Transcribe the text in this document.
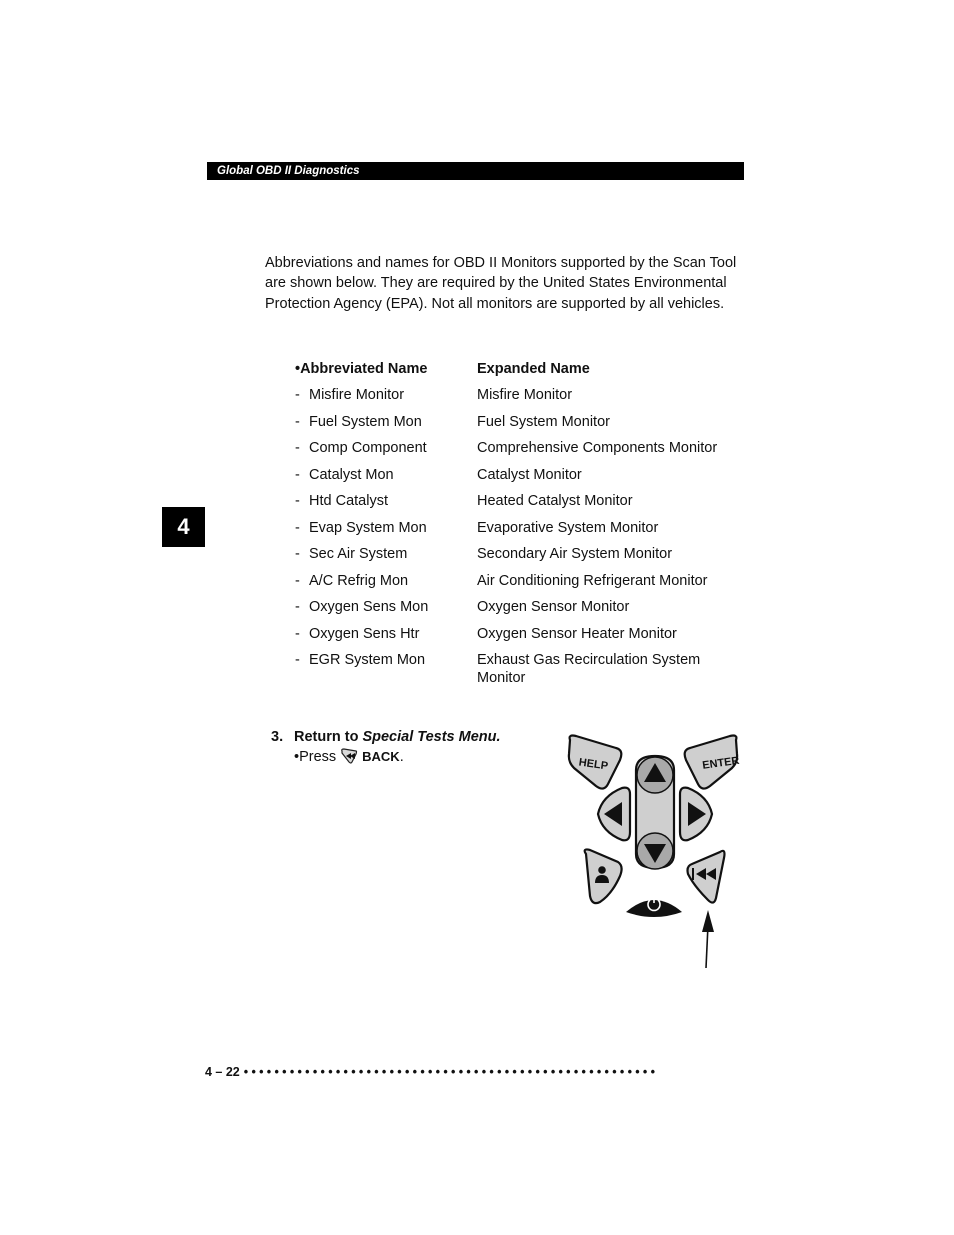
Global OBD II Diagnostics
4

Abbreviations and names for OBD II Monitors supported by the Scan Tool are shown below. They are required by the United States Environmental Protection Agency (EPA). Not all monitors are supported by all vehicles.

•Abbreviated Name	Expanded Name
- Misfire Monitor	Misfire Monitor
- Fuel System Mon	Fuel System Monitor
- Comp Component	Comprehensive Components Monitor
- Catalyst Mon	Catalyst Monitor
- Htd Catalyst	Heated Catalyst Monitor
- Evap System Mon	Evaporative System Monitor
- Sec Air System	Secondary Air System Monitor
- A/C Refrig Mon	Air Conditioning Refrigerant Monitor
- Oxygen Sens Mon	Oxygen Sensor Monitor
- Oxygen Sens Htr	Oxygen Sensor Heater Monitor
- EGR System Mon	Exhaust Gas Recirculation System Monitor
3. Return to Special Tests Menu.
•Press BACK.	HELP	ENTER
4 – 22 ••••••••••••••••••••••••••••••••••••••••••••••••••••••
